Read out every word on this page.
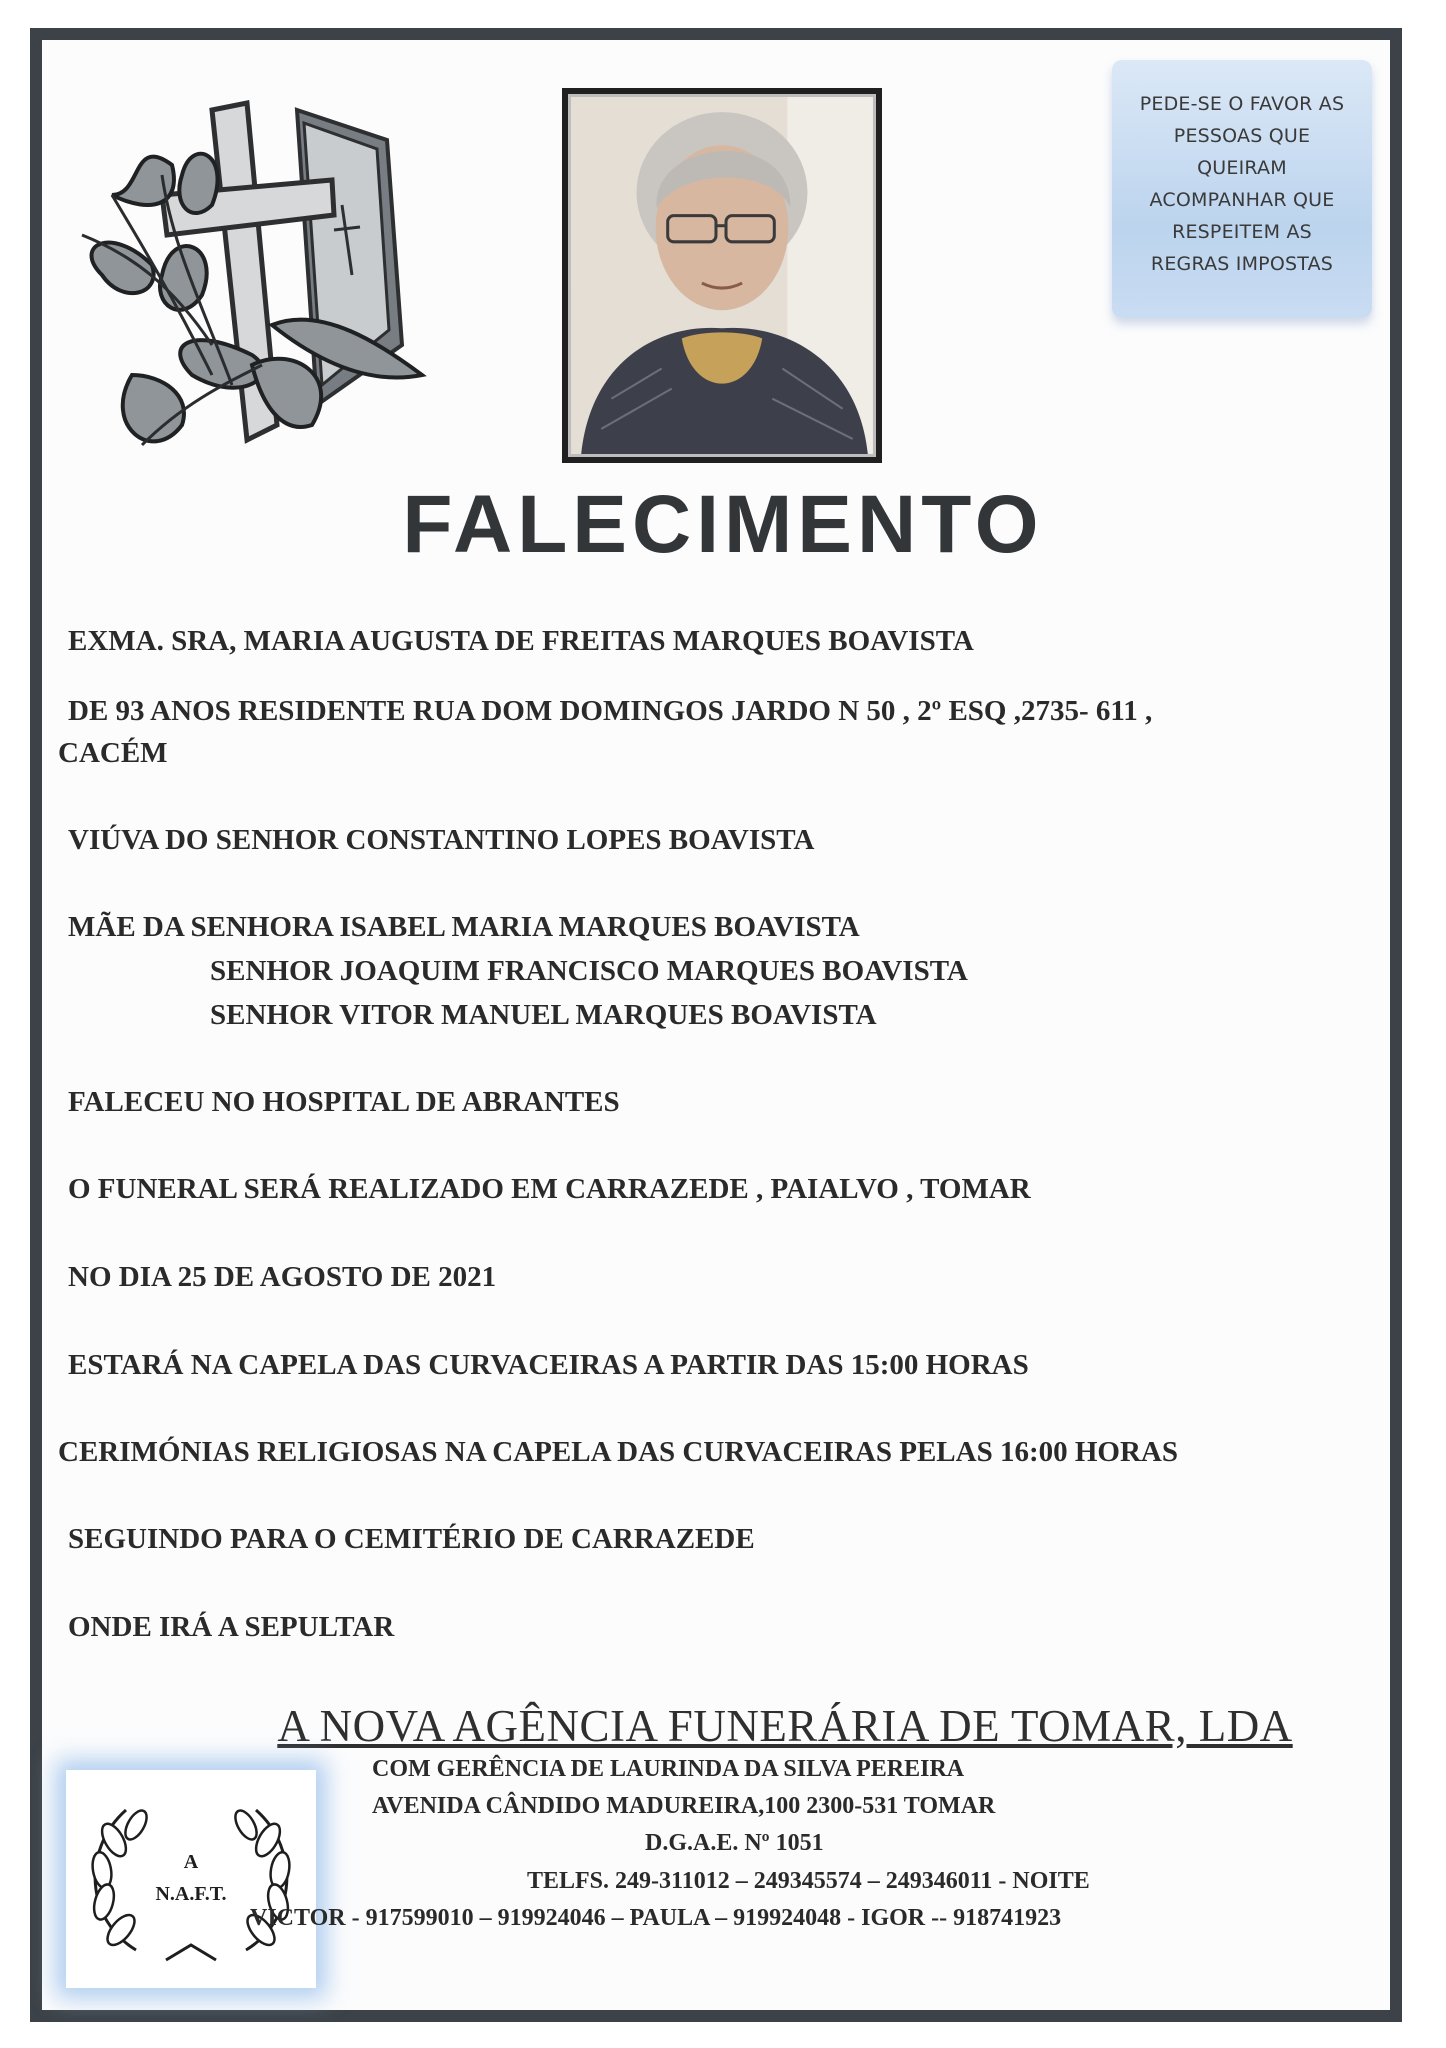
PEDE-SE O FAVOR AS
PESSOAS QUE
QUEIRAM
ACOMPANHAR QUE
RESPEITEM AS
REGRAS IMPOSTAS
FALECIMENTO
EXMA. SRA, MARIA AUGUSTA DE FREITAS MARQUES BOAVISTA
DE 93 ANOS RESIDENTE RUA DOM DOMINGOS JARDO N 50 , 2º ESQ ,2735- 611 ,
CACÉM
VIÚVA DO SENHOR CONSTANTINO LOPES BOAVISTA
MÃE DA SENHORA ISABEL MARIA MARQUES BOAVISTA
SENHOR JOAQUIM FRANCISCO MARQUES BOAVISTA
SENHOR VITOR MANUEL MARQUES BOAVISTA
FALECEU NO HOSPITAL DE ABRANTES
O FUNERAL SERÁ REALIZADO EM CARRAZEDE , PAIALVO , TOMAR
NO DIA 25 DE AGOSTO DE 2021
ESTARÁ NA CAPELA DAS CURVACEIRAS A PARTIR DAS 15:00 HORAS
CERIMÓNIAS RELIGIOSAS NA CAPELA DAS CURVACEIRAS PELAS 16:00 HORAS
SEGUINDO PARA O CEMITÉRIO DE CARRAZEDE
ONDE IRÁ A SEPULTAR
A NOVA AGÊNCIA FUNERÁRIA DE TOMAR, LDA
A
N.A.F.T.
COM GERÊNCIA DE LAURINDA DA SILVA PEREIRA
AVENIDA CÂNDIDO MADUREIRA,100 2300-531 TOMAR
D.G.A.E. Nº 1051
TELFS. 249-311012 – 249345574 – 249346011 - NOITE
VICTOR - 917599010 – 919924046 – PAULA – 919924048 - IGOR -- 918741923
